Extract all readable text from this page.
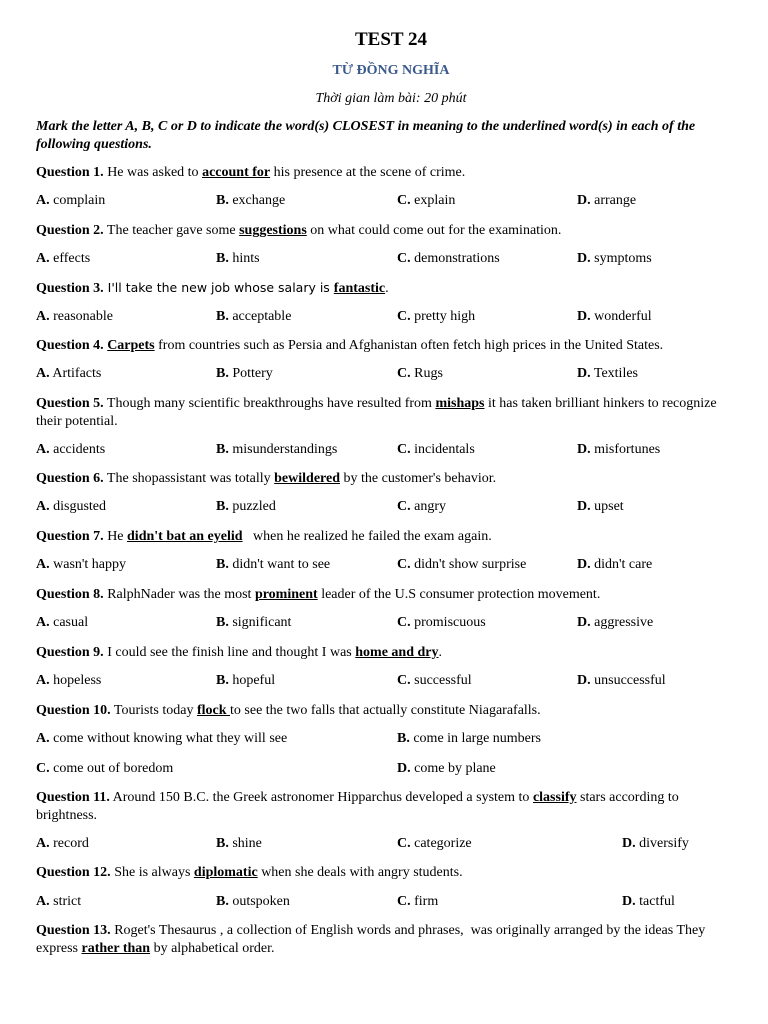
TEST 24
TỪ ĐỒNG NGHĨA
Thời gian làm bài: 20 phút
Mark the letter A, B, C or D to indicate the word(s) CLOSEST in meaning to the underlined word(s) in each of the following questions.
Question 1. He was asked to account for his presence at the scene of crime.
A. complain	B. exchange	C. explain	D. arrange
Question 2. The teacher gave some suggestions on what could come out for the examination.
A. effects	B. hints	C. demonstrations	D. symptoms
Question 3. I'll take the new job whose salary is fantastic.
A. reasonable	B. acceptable	C. pretty high	D. wonderful
Question 4. Carpets from countries such as Persia and Afghanistan often fetch high prices in the United States.
A. Artifacts	B. Pottery	C. Rugs	D. Textiles
Question 5. Though many scientific breakthroughs have resulted from mishaps it has taken brilliant hinkers to recognize their potential.
A. accidents	B. misunderstandings	C. incidentals	D. misfortunes
Question 6. The shopassistant was totally bewildered by the customer's behavior.
A. disgusted	B. puzzled	C. angry	D. upset
Question 7. He didn't bat an eyelid   when he realized he failed the exam again.
A. wasn't happy	B. didn't want to see	C. didn't show surprise	D. didn't care
Question 8. RalphNader was the most prominent leader of the U.S consumer protection movement.
A. casual	B. significant	C. promiscuous	D. aggressive
Question 9. I could see the finish line and thought I was home and dry.
A. hopeless	B. hopeful	C. successful	D. unsuccessful
Question 10. Tourists today flock to see the two falls that actually constitute Niagarafalls.
A. come without knowing what they will see	B. come in large numbers
C. come out of boredom	D. come by plane
Question 11. Around 150 B.C. the Greek astronomer Hipparchus developed a system to classify stars according to brightness.
A. record	B. shine	C. categorize	D. diversify
Question 12. She is always diplomatic when she deals with angry students.
A. strict	B. outspoken	C. firm	D. tactful
Question 13. Roget's Thesaurus , a collection of English words and phrases,  was originally arranged by the ideas They express rather than by alphabetical order.
